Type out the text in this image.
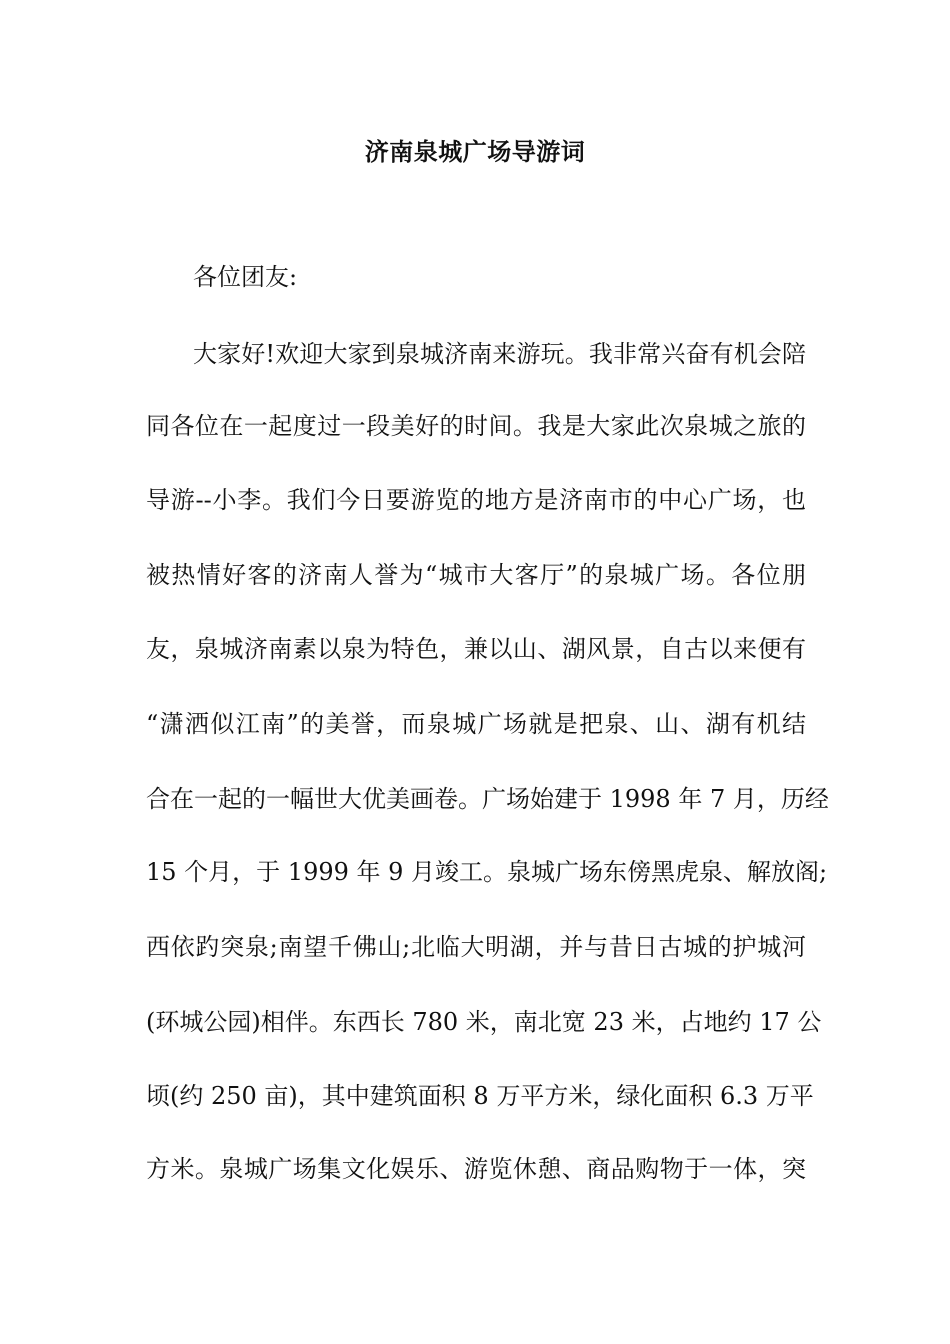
济南泉城广场导游词
各位团友:
大家好!欢迎大家到泉城济南来游玩。我非常兴奋有机会陪
同各位在一起度过一段美好的时间。我是大家此次泉城之旅的
导游--小李。我们今日要游览的地方是济南市的中心广场，也
被热情好客的济南人誉为“城市大客厅”的泉城广场。各位朋
友，泉城济南素以泉为特色，兼以山、湖风景，自古以来便有
“潇洒似江南”的美誉，而泉城广场就是把泉、山、湖有机结
合在一起的一幅世大优美画卷。广场始建于 1998 年 7 月，历经
15 个月，于 1999 年 9 月竣工。泉城广场东傍黑虎泉、解放阁;
西依趵突泉;南望千佛山;北临大明湖，并与昔日古城的护城河
(环城公园)相伴。东西长 780 米，南北宽 23 米，占地约 17 公
顷(约 250 亩)，其中建筑面积 8 万平方米，绿化面积 6.3 万平
方米。泉城广场集文化娱乐、游览休憩、商品购物于一体，突
